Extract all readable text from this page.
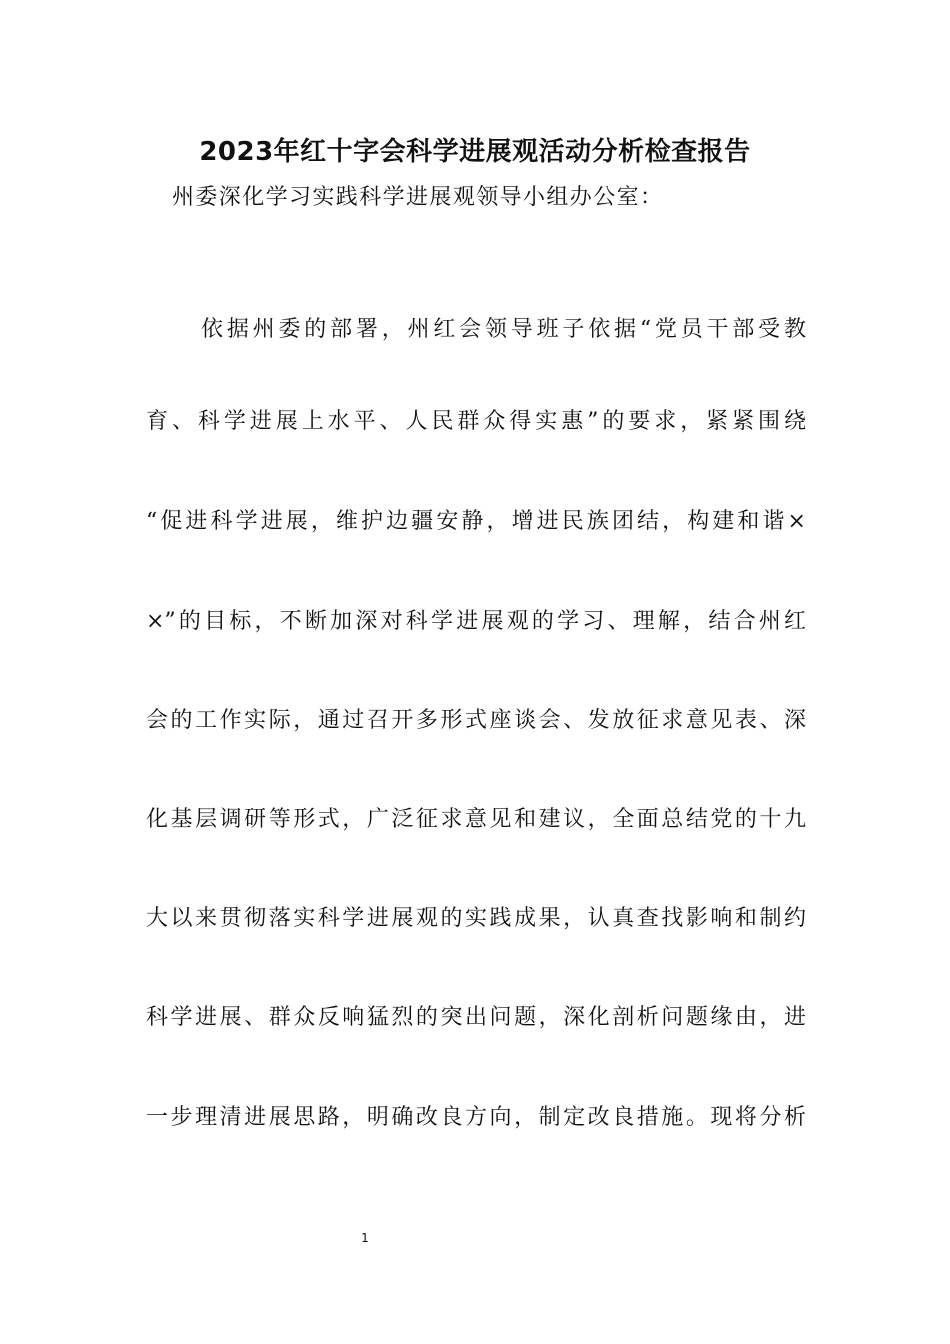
2023年红十字会科学进展观活动分析检查报告

州委深化学习实践科学进展观领导小组办公室：

依据州委的部署，州红会领导班子依据“党员干部受教

育、科学进展上水平、人民群众得实惠”的要求，紧紧围绕

“促进科学进展，维护边疆安静，增进民族团结，构建和谐×

×”的目标，不断加深对科学进展观的学习、理解，结合州红

会的工作实际，通过召开多形式座谈会、发放征求意见表、深

化基层调研等形式，广泛征求意见和建议，全面总结党的十九

大以来贯彻落实科学进展观的实践成果，认真查找影响和制约

科学进展、群众反响猛烈的突出问题，深化剖析问题缘由，进

一步理清进展思路，明确改良方向，制定改良措施。现将分析

1
